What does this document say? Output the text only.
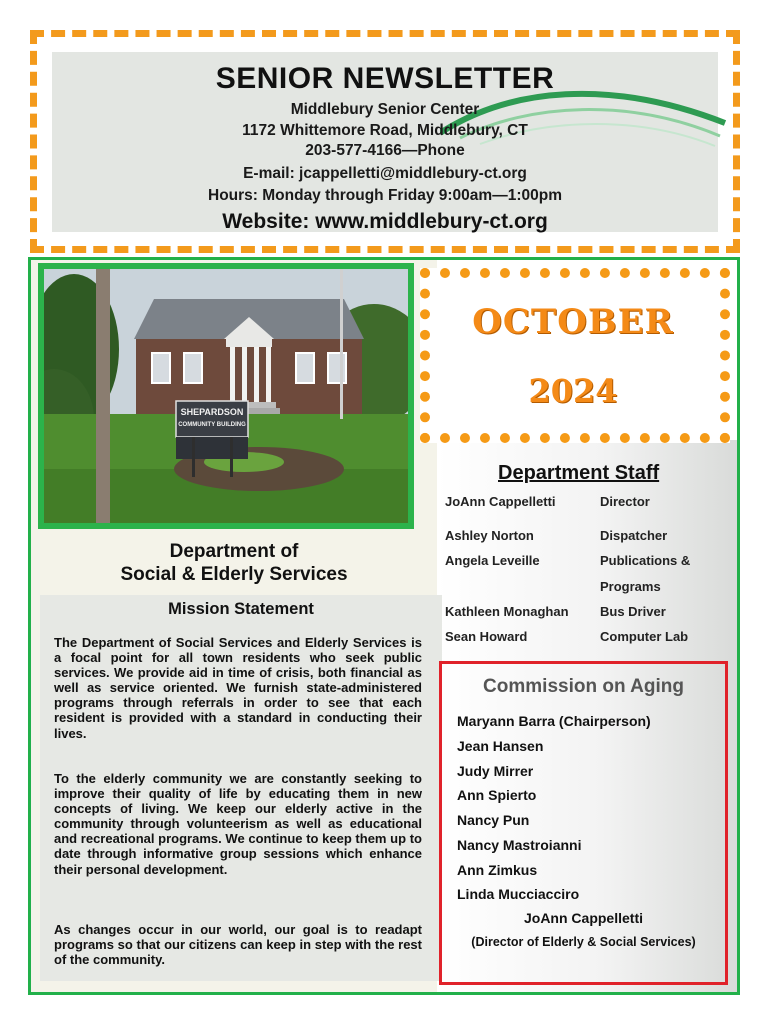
SENIOR NEWSLETTER
Middlebury Senior Center
1172 Whittemore Road, Middlebury, CT
203-577-4166—Phone
E-mail: jcappelletti@middlebury-ct.org
Hours: Monday through Friday 9:00am—1:00pm
Website: www.middlebury-ct.org
SHEPARDSON
COMMUNITY BUILDING
Department of
Social & Elderly Services
Mission Statement
The Department of Social Services and Elderly Services is a focal point for all town residents who seek public services. We provide aid in time of crisis, both financial as well as service oriented. We furnish state-administered programs through referrals in order to see that each resident is provided with a standard in conducting their lives.
To the elderly community we are constantly seeking to improve their quality of life by educating them in new concepts of living. We keep our elderly active in the community through volunteerism as well as educational and recreational programs. We continue to keep them up to date through informative group sessions which enhance their personal development.
As changes occur in our world, our goal is to readapt programs so that our citizens can keep in step with the rest of the community.
OCTOBER
2024
Department Staff
JoAnn Cappelletti	Director
Ashley Norton	Dispatcher
Angela Leveille	Publications &
Programs
Kathleen Monaghan Bus Driver
Sean Howard	Computer Lab
Commission on Aging
Maryann Barra (Chairperson)
Jean Hansen
Judy Mirrer
Ann Spierto
Nancy Pun
Nancy Mastroianni
Ann Zimkus
Linda Mucciacciro
JoAnn Cappelletti
(Director of Elderly & Social Services)
